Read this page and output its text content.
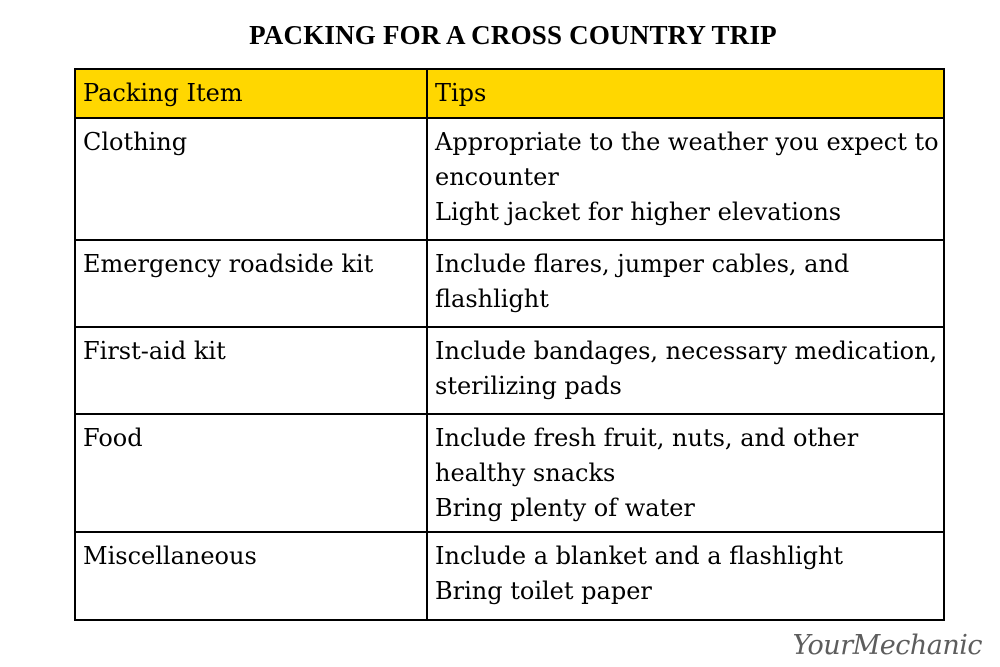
PACKING FOR A CROSS COUNTRY TRIP
Packing Item	Tips
Clothing	Appropriate to the weather you expect to encounter
Light jacket for higher elevations

Emergency roadside kit	Include flares, jumper cables, and flashlight

First-aid kit	Include bandages, necessary medication, sterilizing pads

Food	Include fresh fruit, nuts, and other healthy snacks
Bring plenty of water

Miscellaneous	Include a blanket and a flashlight
Bring toilet paper
YourMechanic
